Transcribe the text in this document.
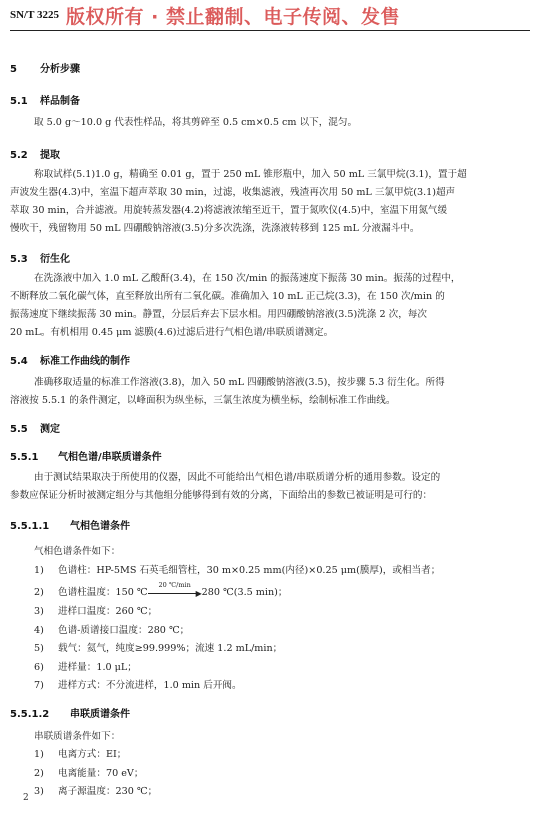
SN/T 3225 版权所有 · 禁止翻制、电子传阅、发售
5 分析步骤
5.1 样品制备
取 5.0 g～10.0 g 代表性样品，将其剪碎至 0.5 cm×0.5 cm 以下，混匀。
5.2 提取
称取试样(5.1)1.0 g，精确至 0.01 g，置于 250 mL 锥形瓶中，加入 50 mL 三氯甲烷(3.1)，置于超
声波发生器(4.3)中，室温下超声萃取 30 min，过滤，收集滤液，残渣再次用 50 mL 三氯甲烷(3.1)超声
萃取 30 min，合并滤液。用旋转蒸发器(4.2)将滤液浓缩至近干，置于氮吹仪(4.5)中，室温下用氮气缓
慢吹干，残留物用 50 mL 四硼酸钠溶液(3.5)分多次洗涤，洗涤液转移到 125 mL 分液漏斗中。
5.3 衍生化
在洗涤液中加入 1.0 mL 乙酸酐(3.4)，在 150 次/min 的振荡速度下振荡 30 min。振荡的过程中，
不断释放二氧化碳气体，直至释放出所有二氧化碳。准确加入 10 mL 正己烷(3.3)，在 150 次/min 的
振荡速度下继续振荡 30 min。静置，分层后弃去下层水相。用四硼酸钠溶液(3.5)洗涤 2 次，每次
20 mL。有机相用 0.45 μm 滤膜(4.6)过滤后进行气相色谱/串联质谱测定。
5.4 标准工作曲线的制作
准确移取适量的标准工作溶液(3.8)，加入 50 mL 四硼酸钠溶液(3.5)，按步骤 5.3 衍生化。所得
溶液按 5.5.1 的条件测定，以峰面积为纵坐标，三氯生浓度为横坐标，绘制标准工作曲线。
5.5 测定
5.5.1 气相色谱/串联质谱条件
由于测试结果取决于所使用的仪器，因此不可能给出气相色谱/串联质谱分析的通用参数。设定的
参数应保证分析时被测定组分与其他组分能够得到有效的分离，下面给出的参数已被证明是可行的：
5.5.1.1 气相色谱条件
气相色谱条件如下：
1) 色谱柱：HP-5MS 石英毛细管柱，30 m×0.25 mm(内径)×0.25 μm(膜厚)，或相当者；
2) 色谱柱温度：150 ℃
20 ℃/min
▶ 280 ℃(3.5 min)；
3) 进样口温度：260 ℃；
4) 色谱-质谱接口温度：280 ℃；
5) 载气：氦气，纯度≥99.999%；流速 1.2 mL/min；
6) 进样量：1.0 μL；
7) 进样方式：不分流进样，1.0 min 后开阀。
5.5.1.2 串联质谱条件
串联质谱条件如下：
1) 电离方式：EI；
2) 电离能量：70 eV；
3) 离子源温度：230 ℃；
2
